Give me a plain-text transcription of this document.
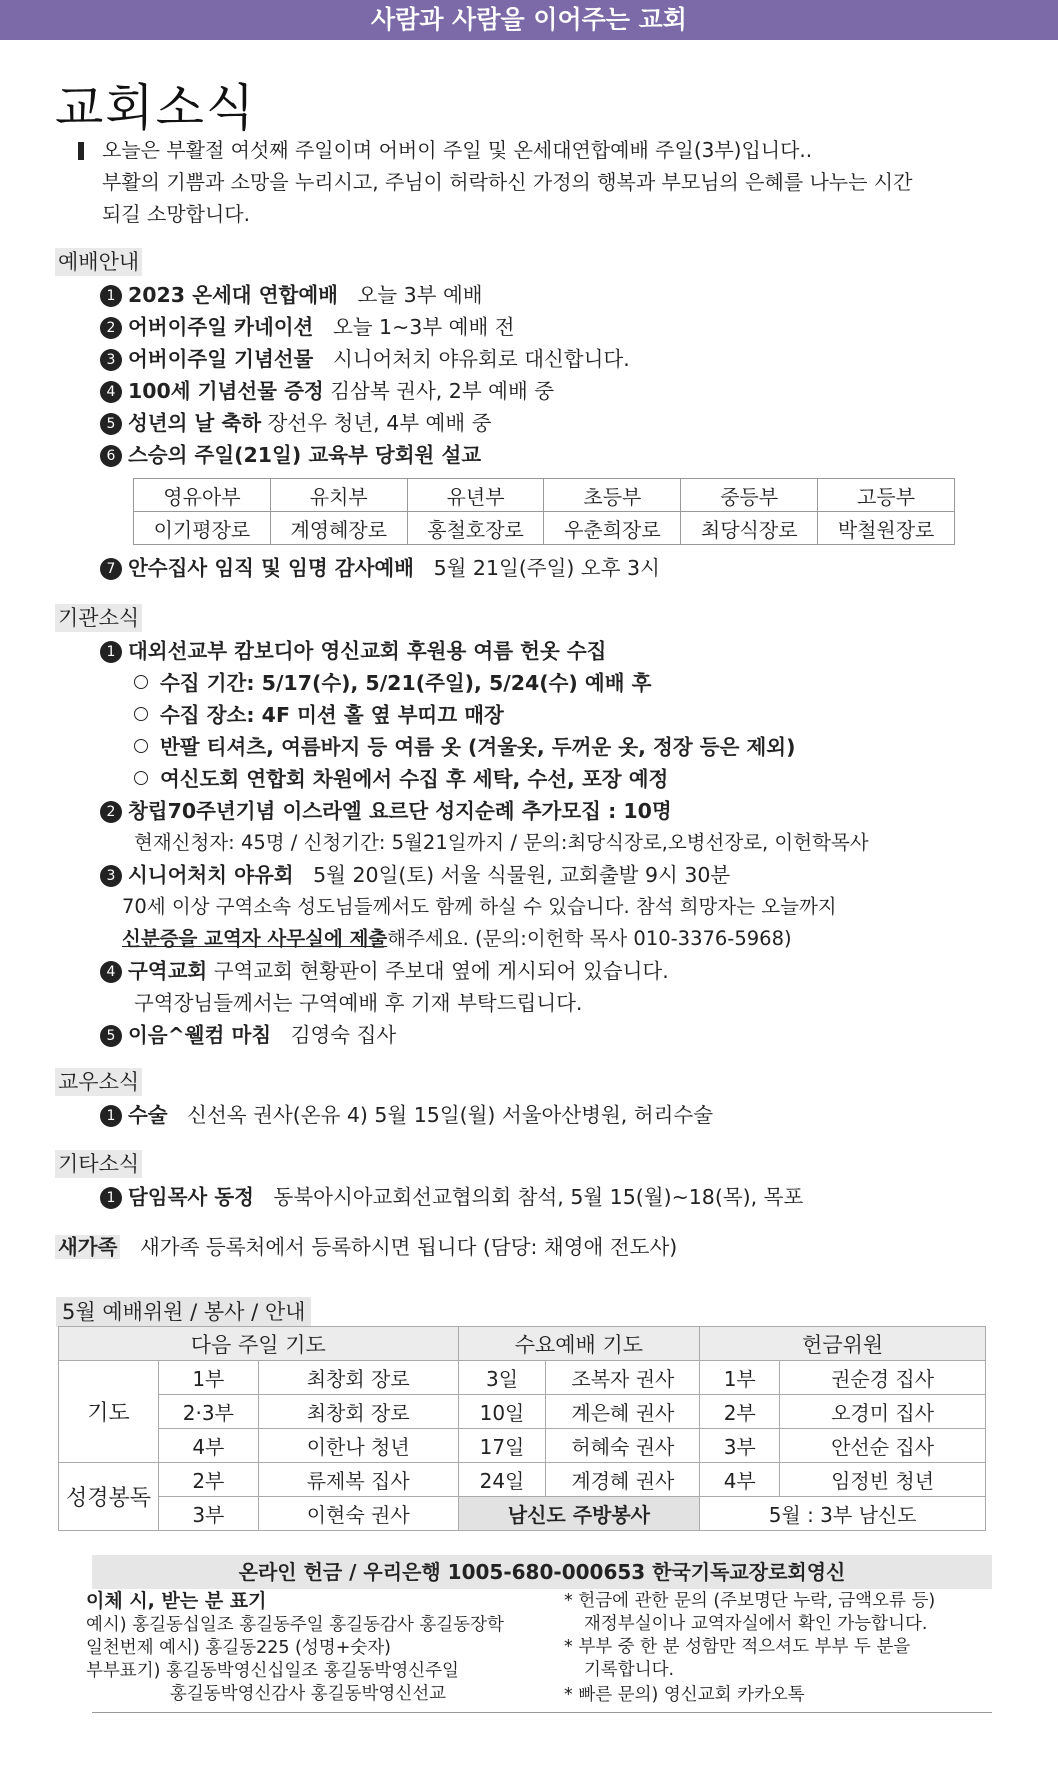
사람과 사람을 이어주는 교회
교회소식

오늘은 부활절 여섯째 주일이며 어버이 주일 및 온세대연합예배 주일(3부)입니다..

부활의 기쁨과 소망을 누리시고, 주님이 허락하신 가정의 행복과 부모님의 은혜를 나누는 시간

되길 소망합니다.

예배안내
1 2023 온세대 연합예배 오늘 3부 예배
2 어버이주일 카네이션 오늘 1~3부 예배 전
3 어버이주일 기념선물 시니어처치 야유회로 대신합니다.
4 100세 기념선물 증정 김삼복 권사, 2부 예배 중
5 성년의 날 축하 장선우 청년, 4부 예배 중
6 스승의 주일(21일) 교육부 당회원 설교
영유아부	유치부	유년부	초등부	중등부	고등부
이기평장로	계영혜장로	홍철호장로	우춘희장로	최당식장로	박철원장로
7 안수집사 임직 및 임명 감사예배 5월 21일(주일) 오후 3시
기관소식
1 대외선교부 캄보디아 영신교회 후원용 여름 헌옷 수집
수집 기간: 5/17(수), 5/21(주일), 5/24(수) 예배 후
수집 장소: 4F 미션 홀 옆 부띠끄 매장
반팔 티셔츠, 여름바지 등 여름 옷 (겨울옷, 두꺼운 옷, 정장 등은 제외)
여신도회 연합회 차원에서 수집 후 세탁, 수선, 포장 예정
2 창립70주년기념 이스라엘 요르단 성지순례 추가모집 : 10명
현재신청자: 45명 / 신청기간: 5월21일까지 / 문의:최당식장로,오병선장로, 이헌학목사
3 시니어처치 야유회 5월 20일(토) 서울 식물원, 교회출발 9시 30분
70세 이상 구역소속 성도님들께서도 함께 하실 수 있습니다. 참석 희망자는 오늘까지
신분증을 교역자 사무실에 제출해주세요. (문의:이헌학 목사 010-3376-5968)
4 구역교회 구역교회 현황판이 주보대 옆에 게시되어 있습니다.
구역장님들께서는 구역예배 후 기재 부탁드립니다.
5 이음^웰컴 마침 김영숙 집사
교우소식
1 수술 신선옥 권사(온유 4) 5월 15일(월) 서울아산병원, 허리수술
기타소식
1 담임목사 동정 동북아시아교회선교협의회 참석, 5월 15(월)~18(목), 목포
새가족 새가족 등록처에서 등록하시면 됩니다 (담당: 채영애 전도사)
5월 예배위원 / 봉사 / 안내
다음 주일 기도			수요예배 기도		헌금위원	
기도	1부	최창회 장로	3일	조복자 권사	1부	권순경 집사
	2·3부	최창회 장로	10일	계은혜 권사	2부	오경미 집사
	4부	이한나 청년	17일	허혜숙 권사	3부	안선순 집사
성경봉독	2부	류제복 집사	24일	계경혜 권사	4부	임정빈 청년
	3부	이현숙 권사	남신도 주방봉사		5월 : 3부 남신도	
온라인 헌금 / 우리은행 1005-680-000653 한국기독교장로회영신
이체 시, 받는 분 표기
예시) 홍길동십일조 홍길동주일 홍길동감사 홍길동장학
일천번제 예시) 홍길동225 (성명+숫자)
부부표기) 홍길동박영신십일조 홍길동박영신주일
홍길동박영신감사 홍길동박영신선교
* 헌금에 관한 문의 (주보명단 누락, 금액오류 등)
재정부실이나 교역자실에서 확인 가능합니다.
* 부부 중 한 분 성함만 적으셔도 부부 두 분을
기록합니다.
* 빠른 문의) 영신교회 카카오톡
